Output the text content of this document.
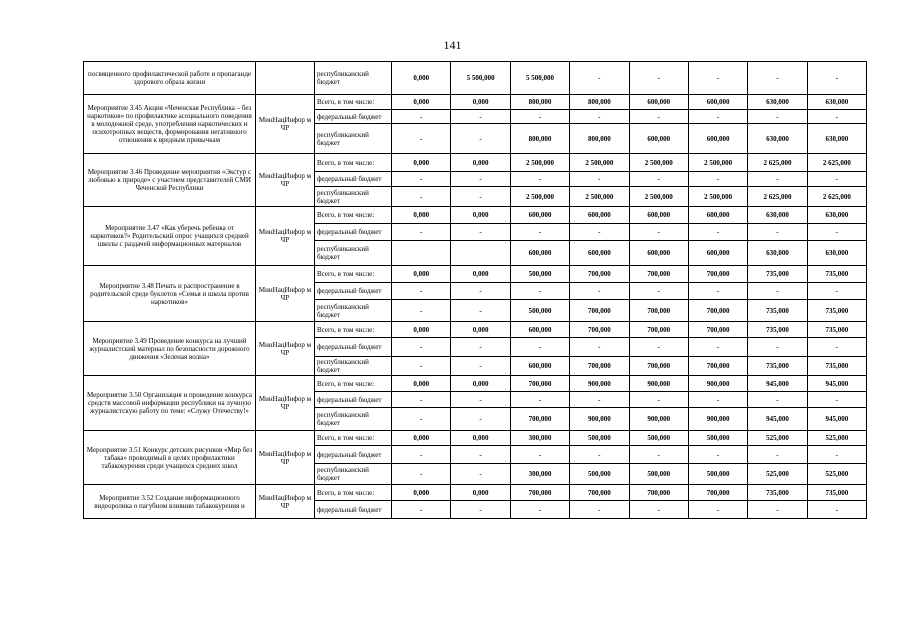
141
посвященного профилактической работе и пропаганде здорового образа жизни		республиканский бюджет	0,000	5 500,000	5 500,000	-	-	-	-	-
Мероприятие 3.45 Акция «Чеченская Республика – без наркотиков» по профилактике асоциального поведения в молодежной среде, употребления наркотических и психотропных веществ, формирования негативного отношения к вредным привычкам	МинНацИнфор м ЧР	Всего, в том числе:	0,000	0,000	800,000	800,000	600,000	600,000	630,000	630,000
		федеральный бюджет	-	-	-	-	-	-	-	-
		республиканский бюджет	-	-	800,000	800,000	600,000	600,000	630,000	630,000
Мероприятие 3.46 Проведение мероприятия «Экстур с любовью к природе» с участием представителей СМИ Чеченской Республики	МинНацИнфор м ЧР	Всего, в том числе:	0,000	0,000	2 500,000	2 500,000	2 500,000	2 500,000	2 625,000	2 625,000
		федеральный бюджет	-	-	-	-	-	-	-	-
		республиканский бюджет	-	-	2 500,000	2 500,000	2 500,000	2 500,000	2 625,000	2 625,000
Мероприятие 3.47 «Как уберечь ребенка от наркотиков?» Родительский опрос учащихся средней школы с раздачей информационных материалов	МинНацИнфор м ЧР	Всего, в том числе:	0,000	0,000	600,000	600,000	600,000	600,000	630,000	630,000
		федеральный бюджет	-	-	-	-	-	-	-	-
		республиканский бюджет			600,000	600,000	600,000	600,000	630,000	630,000
Мероприятие 3.48 Печать и распространение в родительской среде буклетов «Семья и школа против наркотиков»	МинНацИнфор м ЧР	Всего, в том числе:	0,000	0,000	500,000	700,000	700,000	700,000	735,000	735,000
		федеральный бюджет	-	-	-	-	-	-	-	-
		республиканский бюджет	-	-	500,000	700,000	700,000	700,000	735,000	735,000
Мероприятие 3.49 Проведение конкурса на лучший журналистский материал по безопасности дорожного движения «Зеленая волна»	МинНацИнфор м ЧР	Всего, в том числе:	0,000	0,000	600,000	700,000	700,000	700,000	735,000	735,000
		федеральный бюджет	-	-	-	-	-	-	-	-
		республиканский бюджет	-	-	600,000	700,000	700,000	700,000	735,000	735,000
Мероприятие 3.50 Организация и проведение конкурса средств массовой информации республики на лучшую журналистскую работу по теме: «Служу Отечеству!»	МинНацИнфор м ЧР	Всего, в том числе:	0,000	0,000	700,000	900,000	900,000	900,000	945,000	945,000
		федеральный бюджет	-	-	-	-	-	-	-	-
		республиканский бюджет	-	-	700,000	900,000	900,000	900,000	945,000	945,000
Мероприятие 3.51 Конкурс детских рисунков «Мир без табака» проводимый в целях профилактики табакокурения среди учащихся средних школ	МинНацИнфор м ЧР	Всего, в том числе:	0,000	0,000	300,000	500,000	500,000	500,000	525,000	525,000
		федеральный бюджет	-	-	-	-	-	-	-	-
		республиканский бюджет	-	-	300,000	500,000	500,000	500,000	525,000	525,000
Мероприятие 3.52 Создание информационного видеоролика о пагубном влиянии табакокурения и	МинНацИнфор м ЧР	Всего, в том числе:	0,000	0,000	700,000	700,000	700,000	700,000	735,000	735,000
		федеральный бюджет	-	-	-	-	-	-	-	-
